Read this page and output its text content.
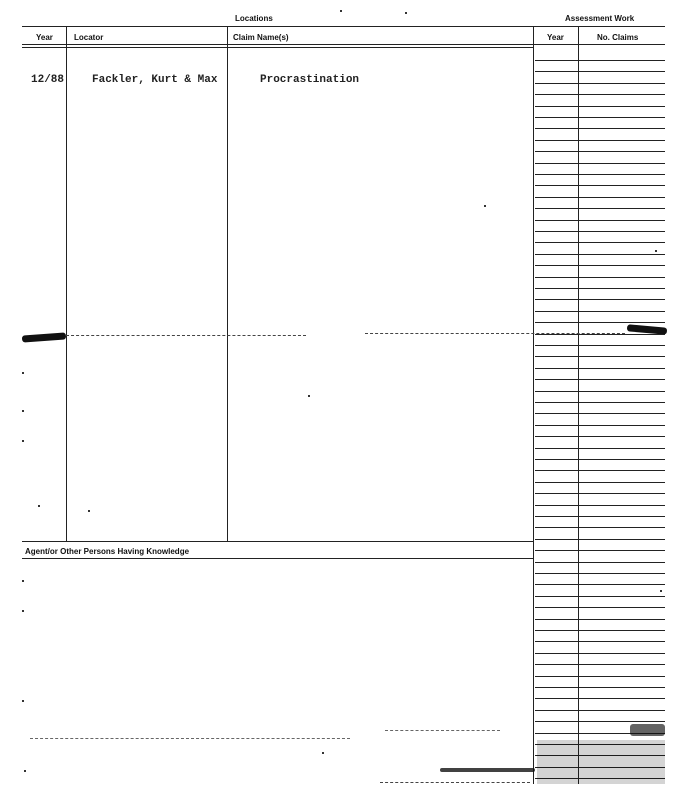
Locations	Assessment Work
Year	Locator	Claim Name(s)	Year	No. Claims
12/88	Fackler, Kurt & Max	Procrastination
Agent/or Other Persons Having Knowledge
